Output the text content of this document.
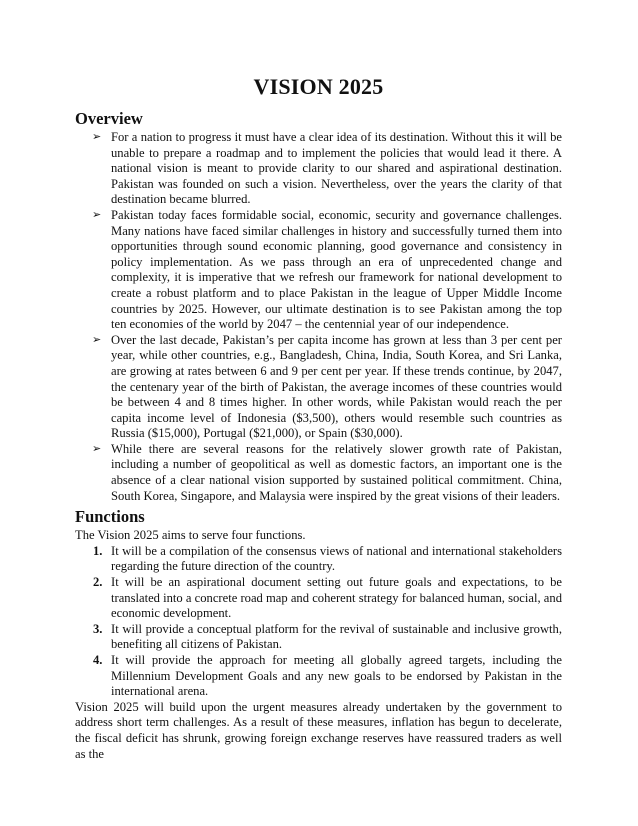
VISION 2025
Overview
➢ For a nation to progress it must have a clear idea of its destination. Without this it will be unable to prepare a roadmap and to implement the policies that would lead it there. A national vision is meant to provide clarity to our shared and aspirational destination. Pakistan was founded on such a vision. Nevertheless, over the years the clarity of that destination became blurred.
➢ Pakistan today faces formidable social, economic, security and governance challenges. Many nations have faced similar challenges in history and successfully turned them into opportunities through sound economic planning, good governance and consistency in policy implementation. As we pass through an era of unprecedented change and complexity, it is imperative that we refresh our framework for national development to create a robust platform and to place Pakistan in the league of Upper Middle Income countries by 2025. However, our ultimate destination is to see Pakistan among the top ten economies of the world by 2047 – the centennial year of our independence.
➢ Over the last decade, Pakistan’s per capita income has grown at less than 3 per cent per year, while other countries, e.g., Bangladesh, China, India, South Korea, and Sri Lanka, are growing at rates between 6 and 9 per cent per year. If these trends continue, by 2047, the centenary year of the birth of Pakistan, the average incomes of these countries would be between 4 and 8 times higher. In other words, while Pakistan would reach the per capita income level of Indonesia ($3,500), others would resemble such countries as Russia ($15,000), Portugal ($21,000), or Spain ($30,000).
➢ While there are several reasons for the relatively slower growth rate of Pakistan, including a number of geopolitical as well as domestic factors, an important one is the absence of a clear national vision supported by sustained political commitment. China, South Korea, Singapore, and Malaysia were inspired by the great visions of their leaders.
Functions

The Vision 2025 aims to serve four functions.

1. It will be a compilation of the consensus views of national and international stakeholders regarding the future direction of the country.
2. It will be an aspirational document setting out future goals and expectations, to be translated into a concrete road map and coherent strategy for balanced human, social, and economic development.
3. It will provide a conceptual platform for the revival of sustainable and inclusive growth, benefiting all citizens of Pakistan.
4. It will provide the approach for meeting all globally agreed targets, including the Millennium Development Goals and any new goals to be endorsed by Pakistan in the international arena.

Vision 2025 will build upon the urgent measures already undertaken by the government to address short term challenges. As a result of these measures, inflation has begun to decelerate, the fiscal deficit has shrunk, growing foreign exchange reserves have reassured traders as well as the
